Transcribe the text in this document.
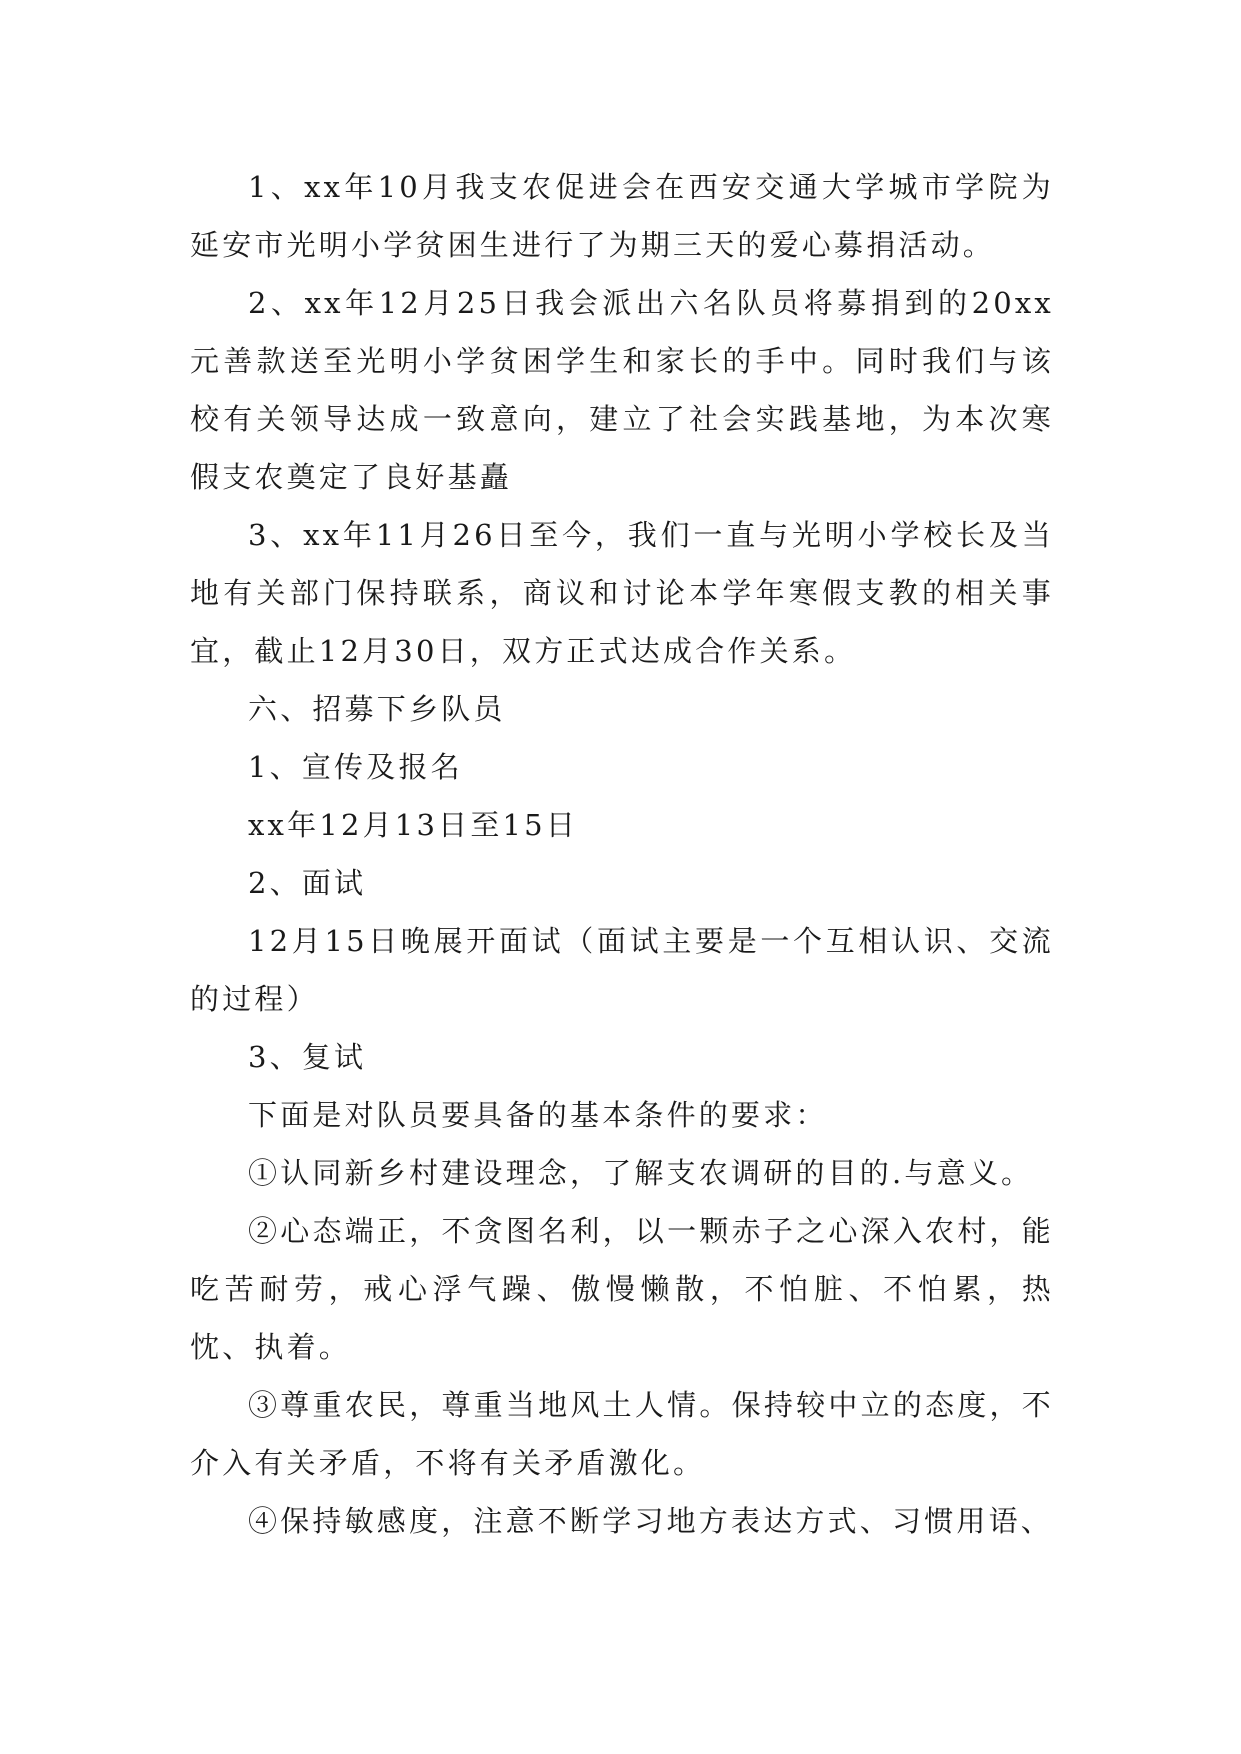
1、xx年10月我支农促进会在西安交通大学城市学院为延安市光明小学贫困生进行了为期三天的爱心募捐活动。

2、xx年12月25日我会派出六名队员将募捐到的20xx元善款送至光明小学贫困学生和家长的手中。同时我们与该校有关领导达成一致意向，建立了社会实践基地，为本次寒假支农奠定了良好基矗

3、xx年11月26日至今，我们一直与光明小学校长及当地有关部门保持联系，商议和讨论本学年寒假支教的相关事宜，截止12月30日，双方正式达成合作关系。

六、招募下乡队员

1、宣传及报名

xx年12月13日至15日

2、面试

12月15日晚展开面试（面试主要是一个互相认识、交流的过程）

3、复试

下面是对队员要具备的基本条件的要求：

①认同新乡村建设理念，了解支农调研的目的.与意义。

②心态端正，不贪图名利，以一颗赤子之心深入农村，能吃苦耐劳，戒心浮气躁、傲慢懒散，不怕脏、不怕累，热忱、执着。

③尊重农民，尊重当地风土人情。保持较中立的态度，不介入有关矛盾，不将有关矛盾激化。

④保持敏感度，注意不断学习地方表达方式、习惯用语、
